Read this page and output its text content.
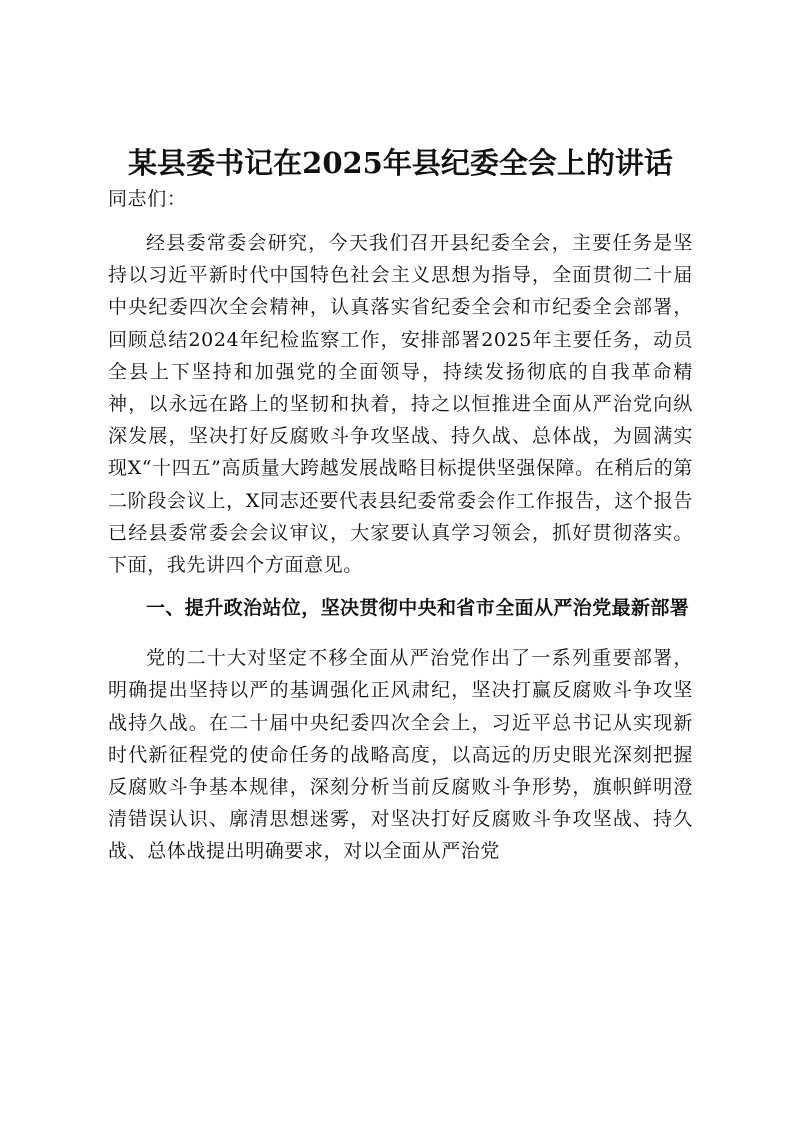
某县委书记在2025年县纪委全会上的讲话

同志们：

经县委常委会研究，今天我们召开县纪委全会，主要任务是坚持以习近平新时代中国特色社会主义思想为指导，全面贯彻二十届中央纪委四次全会精神，认真落实省纪委全会和市纪委全会部署，回顾总结2024年纪检监察工作，安排部署2025年主要任务，动员全县上下坚持和加强党的全面领导，持续发扬彻底的自我革命精神，以永远在路上的坚韧和执着，持之以恒推进全面从严治党向纵深发展，坚决打好反腐败斗争攻坚战、持久战、总体战，为圆满实现X“十四五”高质量大跨越发展战略目标提供坚强保障。在稍后的第二阶段会议上，X同志还要代表县纪委常委会作工作报告，这个报告已经县委常委会会议审议，大家要认真学习领会，抓好贯彻落实。下面，我先讲四个方面意见。

一、提升政治站位，坚决贯彻中央和省市全面从严治党最新部署

党的二十大对坚定不移全面从严治党作出了一系列重要部署，明确提出坚持以严的基调强化正风肃纪，坚决打赢反腐败斗争攻坚战持久战。在二十届中央纪委四次全会上，习近平总书记从实现新时代新征程党的使命任务的战略高度，以高远的历史眼光深刻把握反腐败斗争基本规律，深刻分析当前反腐败斗争形势，旗帜鲜明澄清错误认识、廓清思想迷雾，对坚决打好反腐败斗争攻坚战、持久战、总体战提出明确要求，对以全面从严治党
